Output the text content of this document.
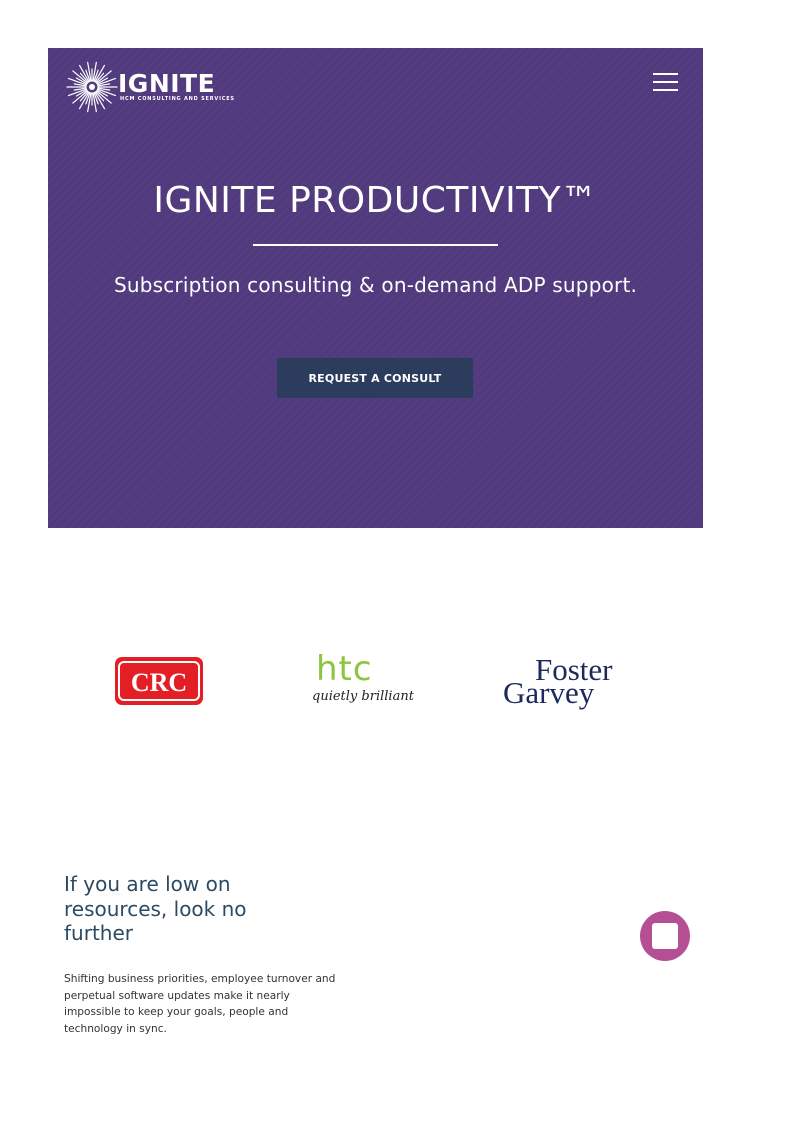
IGNITE
HCM CONSULTING AND SERVICES
IGNITE PRODUCTIVITY™

Subscription consulting & on-demand ADP support.

REQUEST A CONSULT
CRC	htc
quietly brilliant
Foster
Garvey
If you are low on resources, look no further

Shifting business priorities, employee turnover and perpetual software updates make it nearly impossible to keep your goals, people and technology in sync.
